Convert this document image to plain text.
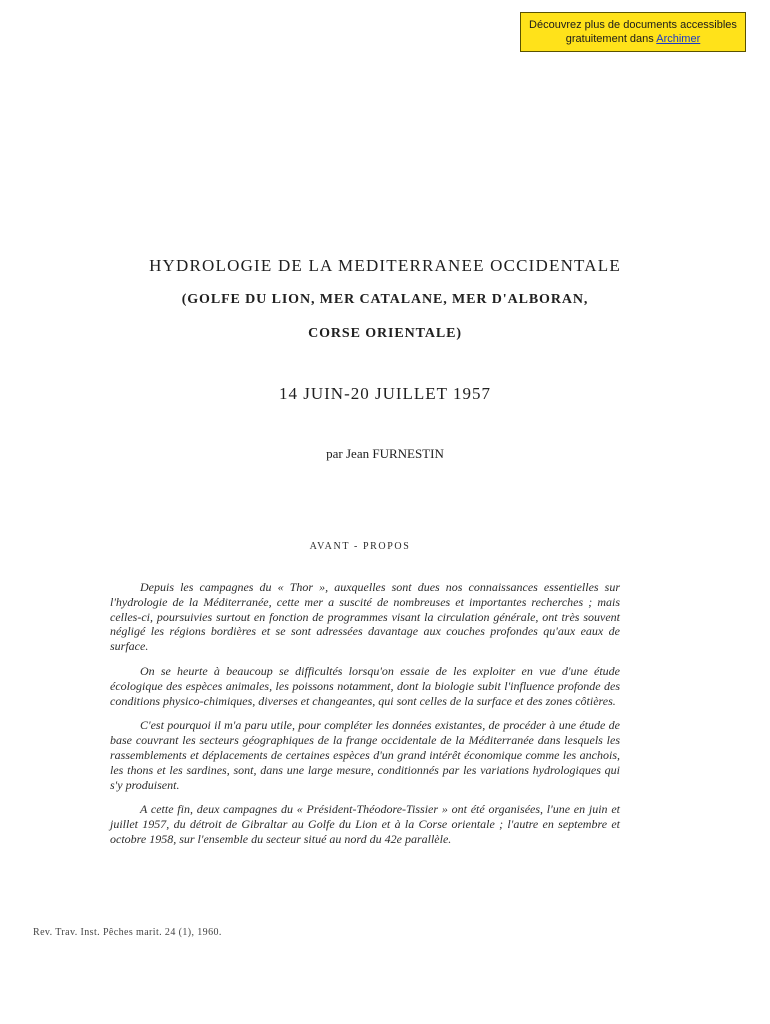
Découvrez plus de documents accessibles gratuitement dans Archimer
HYDROLOGIE DE LA MEDITERRANEE OCCIDENTALE
(GOLFE DU LION, MER CATALANE, MER D'ALBORAN,
CORSE ORIENTALE)
14 JUIN-20 JUILLET 1957
par Jean FURNESTIN
AVANT - PROPOS

Depuis les campagnes du « Thor », auxquelles sont dues nos connaissances essentielles sur l'hydrologie de la Méditerranée, cette mer a suscité de nombreuses et importantes recherches ; mais celles-ci, poursuivies surtout en fonction de programmes visant la circulation générale, ont très souvent négligé les régions bordières et se sont adressées davantage aux couches profondes qu'aux eaux de surface.

On se heurte à beaucoup se difficultés lorsqu'on essaie de les exploiter en vue d'une étude écologique des espèces animales, les poissons notamment, dont la biologie subit l'influence profonde des conditions physico-chimiques, diverses et changeantes, qui sont celles de la surface et des zones côtières.

C'est pourquoi il m'a paru utile, pour compléter les données existantes, de procéder à une étude de base couvrant les secteurs géographiques de la frange occidentale de la Méditerranée dans lesquels les rassemblements et déplacements de certaines espèces d'un grand intérêt économique comme les anchois, les thons et les sardines, sont, dans une large mesure, conditionnés par les variations hydrologiques qui s'y produisent.

A cette fin, deux campagnes du « Président-Théodore-Tissier » ont été organisées, l'une en juin et juillet 1957, du détroit de Gibraltar au Golfe du Lion et à la Corse orientale ; l'autre en septembre et octobre 1958, sur l'ensemble du secteur situé au nord du 42e parallèle.

Rev. Trav. Inst. Pêches marit. 24 (1), 1960.
